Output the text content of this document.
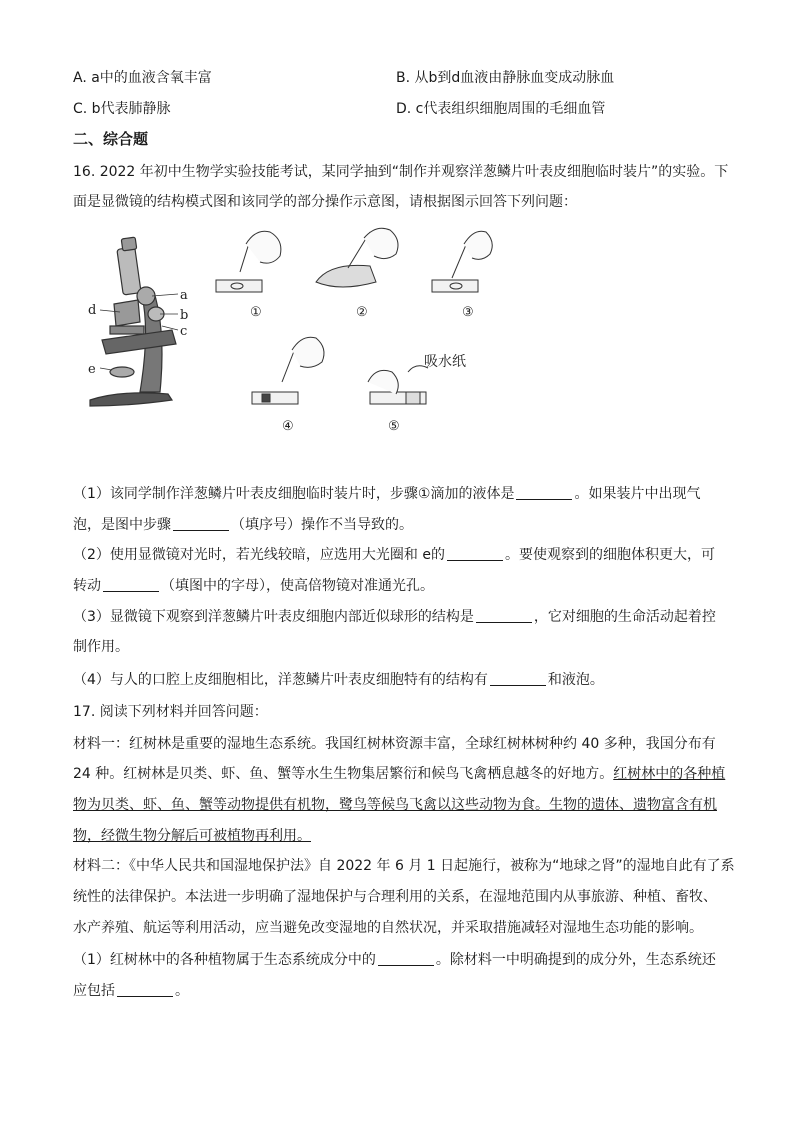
A. a中的血液含氧丰富	B. 从b到d血液由静脉血变成动脉血
C. b代表肺静脉	D. c代表组织细胞周围的毛细血管
二、综合题
16. 2022 年初中生物学实验技能考试，某同学抽到“制作并观察洋葱鳞片叶表皮细胞临时装片”的实验。下
面是显微镜的结构模式图和该同学的部分操作示意图，请根据图示回答下列问题：
a
b
c
d
e
①	②	③
④
吸水纸
⑤
（1）该同学制作洋葱鳞片叶表皮细胞临时装片时，步骤①滴加的液体是	。如果装片中出现气
泡，是图中步骤	（填序号）操作不当导致的。
（2）使用显微镜对光时，若光线较暗，应选用大光圈和 e的	。要使观察到的细胞体积更大，可
转动	（填图中的字母），使高倍物镜对准通光孔。
（3）显微镜下观察到洋葱鳞片叶表皮细胞内部近似球形的结构是	，它对细胞的生命活动起着控
制作用。
（4）与人的口腔上皮细胞相比，洋葱鳞片叶表皮细胞特有的结构有	和液泡。
17. 阅读下列材料并回答问题：
材料一：红树林是重要的湿地生态系统。我国红树林资源丰富，全球红树林树种约 40 多种，我国分布有
24 种。红树林是贝类、虾、鱼、蟹等水生生物集居繁衍和候鸟飞禽栖息越冬的好地方。红树林中的各种植
物为贝类、虾、鱼、蟹等动物提供有机物，鹭鸟等候鸟飞禽以这些动物为食。生物的遗体、遗物富含有机
物，经微生物分解后可被植物再利用。
材料二：《中华人民共和国湿地保护法》自 2022 年 6 月 1 日起施行，被称为“地球之肾”的湿地自此有了系
统性的法律保护。本法进一步明确了湿地保护与合理利用的关系，在湿地范围内从事旅游、种植、畜牧、
水产养殖、航运等利用活动，应当避免改变湿地的自然状况，并采取措施减轻对湿地生态功能的影响。
（1）红树林中的各种植物属于生态系统成分中的	。除材料一中明确提到的成分外，生态系统还
应包括	。
